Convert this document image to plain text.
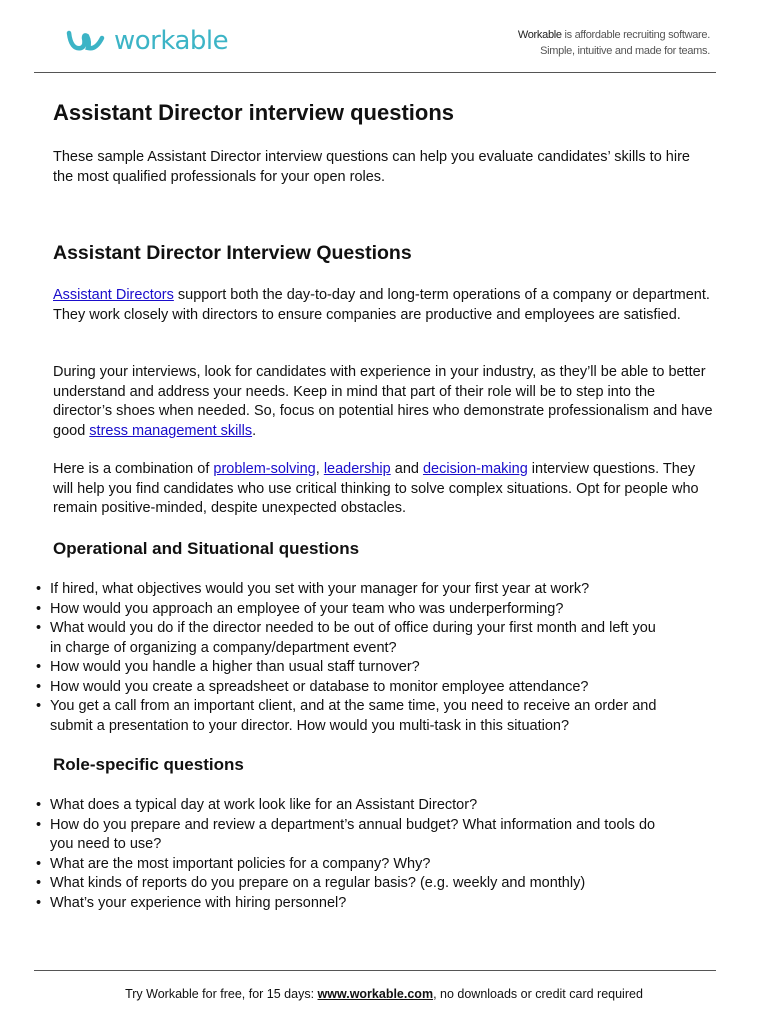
workable	Workable is affordable recruiting software.
Simple, intuitive and made for teams.
Assistant Director interview questions
These sample Assistant Director interview questions can help you evaluate candidates’ skills to hire the most qualified professionals for your open roles.
Assistant Director Interview Questions
Assistant Directors support both the day-to-day and long-term operations of a company or department. They work closely with directors to ensure companies are productive and employees are satisfied.
During your interviews, look for candidates with experience in your industry, as they’ll be able to better understand and address your needs. Keep in mind that part of their role will be to step into the director’s shoes when needed. So, focus on potential hires who demonstrate professionalism and have good stress management skills.
Here is a combination of problem-solving, leadership and decision-making interview questions. They will help you find candidates who use critical thinking to solve complex situations. Opt for people who remain positive-minded, despite unexpected obstacles.
Operational and Situational questions
• If hired, what objectives would you set with your manager for your first year at work?
• How would you approach an employee of your team who was underperforming?
• What would you do if the director needed to be out of office during your first month and left you in charge of organizing a company/department event?
• How would you handle a higher than usual staff turnover?
• How would you create a spreadsheet or database to monitor employee attendance?
• You get a call from an important client, and at the same time, you need to receive an order and submit a presentation to your director. How would you multi-task in this situation?
Role-specific questions
• What does a typical day at work look like for an Assistant Director?
• How do you prepare and review a department’s annual budget? What information and tools do you need to use?
• What are the most important policies for a company? Why?
• What kinds of reports do you prepare on a regular basis? (e.g. weekly and monthly)
• What’s your experience with hiring personnel?
Try Workable for free, for 15 days: www.workable.com, no downloads or credit card required
